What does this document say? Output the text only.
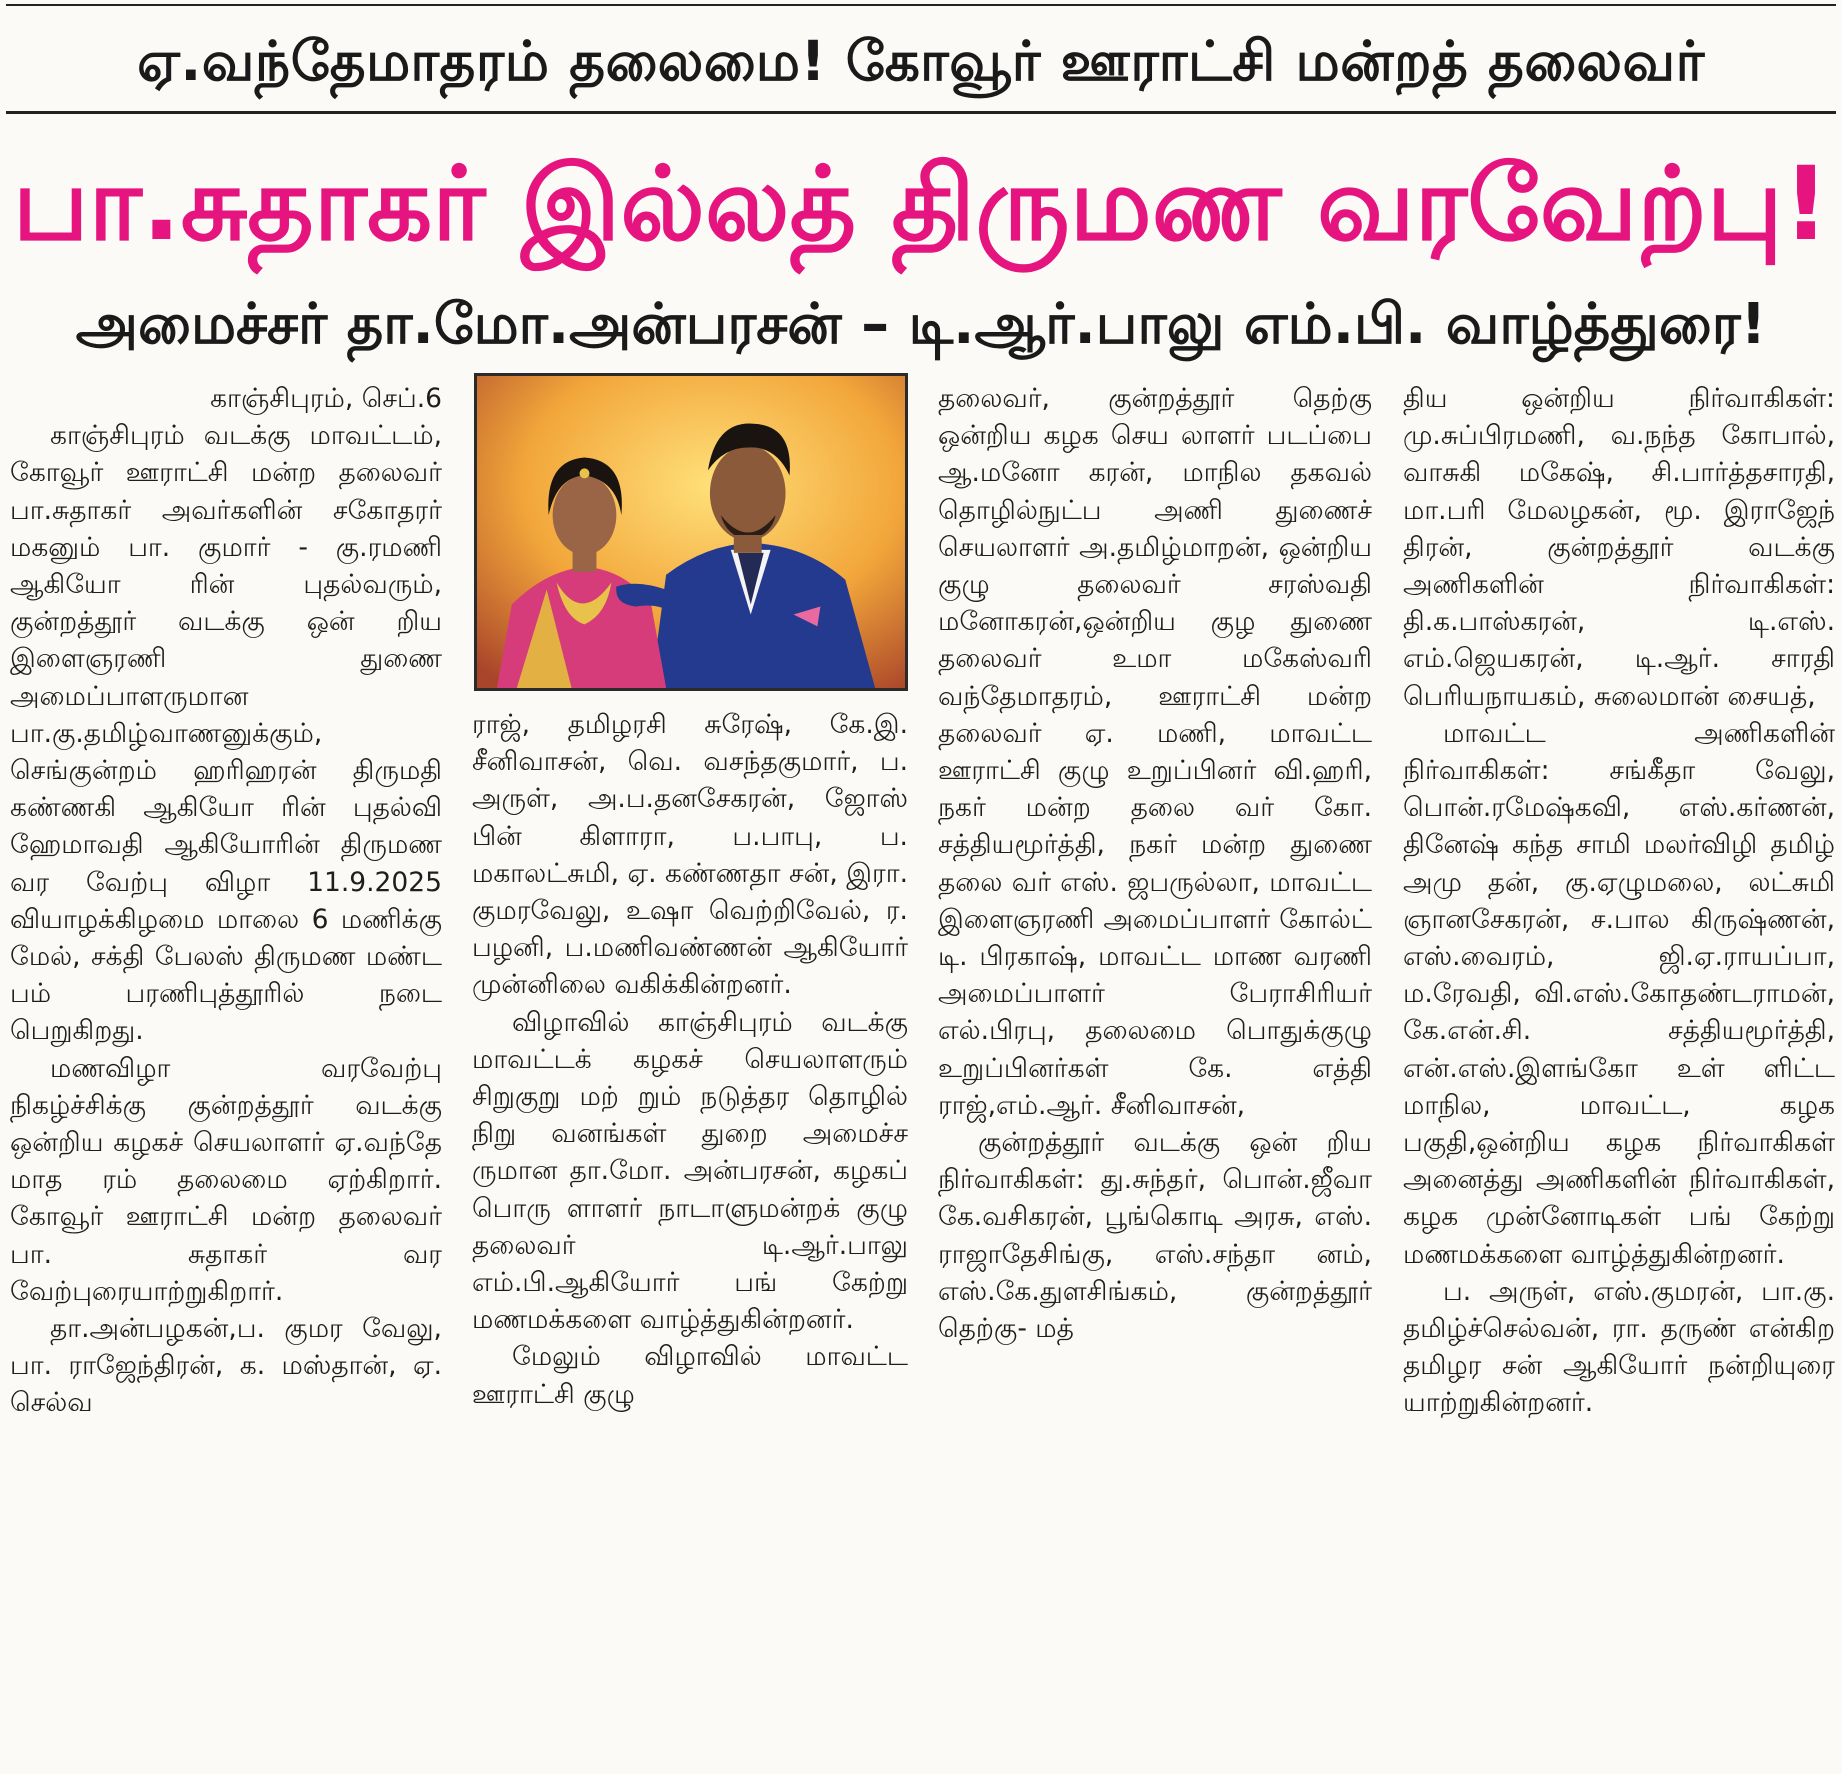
ஏ.வந்தேமாதரம் தலைமை! கோவூர் ஊராட்சி மன்றத் தலைவர்
பா.சுதாகர் இல்லத் திருமண வரவேற்பு!
அமைச்சர் தா.மோ.அன்பரசன் – டி.ஆர்.பாலு எம்.பி. வாழ்த்துரை!

காஞ்சிபுரம், செப்.6

காஞ்சிபுரம் வடக்கு மாவட்டம், கோவூர் ஊராட்சி மன்ற தலைவர் பா.சுதாகர் அவர்களின் சகோதரர் மகனும் பா. குமார் - கு.ரமணி ஆகியோ ரின் புதல்வரும், குன்றத்தூர் வடக்கு ஒன் றிய இளைஞரணி துணை அமைப்பாளருமான பா.கு.தமிழ்வாணனுக்கும், செங்குன்றம் ஹரிஹரன் திருமதி கண்ணகி ஆகியோ ரின் புதல்வி ஹேமாவதி ஆகியோரின் திருமண வர வேற்பு விழா 11.9.2025 வியாழக்கிழமை மாலை 6 மணிக்கு மேல், சக்தி பேலஸ் திருமண மண்ட பம் பரணிபுத்தூரில் நடை பெறுகிறது.

மணவிழா வரவேற்பு நிகழ்ச்சிக்கு குன்றத்தூர் வடக்கு ஒன்றிய கழகச் செயலாளர் ஏ.வந்தே மாத ரம் தலைமை ஏற்கிறார். கோவூர் ஊராட்சி மன்ற தலைவர் பா. சுதாகர் வர வேற்புரையாற்றுகிறார்.

தா.அன்பழகன்,ப. குமர வேலு, பா. ராஜேந்திரன், க. மஸ்தான், ஏ. செல்வ

ராஜ், தமிழரசி சுரேஷ், கே.இ. சீனிவாசன், வெ. வசந்தகுமார், ப. அருள், அ.ப.தனசேகரன், ஜோஸ் பின் கிளாரா, ப.பாபு, ப. மகாலட்சுமி, ஏ. கண்ணதா சன், இரா. குமரவேலு, உஷா வெற்றிவேல், ர. பழனி, ப.மணிவண்ணன் ஆகியோர் முன்னிலை வகிக்கின்றனர்.

விழாவில் காஞ்சிபுரம் வடக்கு மாவட்டக் கழகச் செயலாளரும் சிறுகுறு மற் றும் நடுத்தர தொழில் நிறு வனங்கள் துறை அமைச்ச ருமான தா.மோ. அன்பரசன், கழகப் பொரு ளாளர் நாடாளுமன்றக் குழு தலைவர் டி.ஆர்.பாலு எம்.பி.ஆகியோர் பங் கேற்று மணமக்களை வாழ்த்துகின்றனர்.

மேலும் விழாவில் மாவட்ட ஊராட்சி குழு

தலைவர், குன்றத்தூர் தெற்கு ஒன்றிய கழக செய லாளர் படப்பை ஆ.மனோ கரன், மாநில தகவல் தொழில்நுட்ப அணி துணைச் செயலாளர் அ.தமிழ்மாறன், ஒன்றிய குழு தலைவர் சரஸ்வதி மனோகரன்,ஒன்றிய குழ துணை தலைவர் உமா மகேஸ்வரி வந்தேமாதரம், ஊராட்சி மன்ற தலைவர் ஏ. மணி, மாவட்ட ஊராட்சி குழு உறுப்பினர் வி.ஹரி, நகர் மன்ற தலை வர் கோ. சத்தியமூர்த்தி, நகர் மன்ற துணை தலை வர் எஸ். ஜபருல்லா, மாவட்ட இளைஞரணி அமைப்பாளர் கோல்ட் டி. பிரகாஷ், மாவட்ட மாண வரணி அமைப்பாளர் பேராசிரியர் எல்.பிரபு, தலைமை பொதுக்குழு உறுப்பினர்கள் கே. எத்தி ராஜ்,எம்.ஆர். சீனிவாசன்,

குன்றத்தூர் வடக்கு ஒன் றிய நிர்வாகிகள்: து.சுந்தர், பொன்.ஜீவா கே.வசிகரன், பூங்கொடி அரசு, எஸ். ராஜாதேசிங்கு, எஸ்.சந்தா னம், எஸ்.கே.துளசிங்கம், குன்றத்தூர் தெற்கு- மத்

திய ஒன்றிய நிர்வாகிகள்: மு.சுப்பிரமணி, வ.நந்த கோபால், வாசுகி மகேஷ், சி.பார்த்தசாரதி, மா.பரி மேலழகன், மூ. இராஜேந் திரன், குன்றத்தூர் வடக்கு அணிகளின் நிர்வாகிகள்: தி.க.பாஸ்கரன், டி.எஸ். எம்.ஜெயகரன், டி.ஆர். சாரதி பெரியநாயகம், சுலைமான் சையத்,

மாவட்ட அணிகளின் நிர்வாகிகள்: சங்கீதா வேலு, பொன்.ரமேஷ்கவி, எஸ்.கர்ணன், தினேஷ் கந்த சாமி மலர்விழி தமிழ் அமு தன், கு.ஏழுமலை, லட்சுமி ஞானசேகரன், ச.பால கிருஷ்ணன், எஸ்.வைரம், ஜி.ஏ.ராயப்பா, ம.ரேவதி, வி.எஸ்.கோதண்டராமன், கே.என்.சி. சத்தியமூர்த்தி, என்.எஸ்.இளங்கோ உள் ளிட்ட மாநில, மாவட்ட, கழக பகுதி,ஒன்றிய கழக நிர்வாகிகள் அனைத்து அணிகளின் நிர்வாகிகள், கழக முன்னோடிகள் பங் கேற்று மணமக்களை வாழ்த்துகின்றனர்.

ப. அருள், எஸ்.குமரன், பா.கு. தமிழ்ச்செல்வன், ரா. தருண் என்கிற தமிழர சன் ஆகியோர் நன்றியுரை யாற்றுகின்றனர்.
